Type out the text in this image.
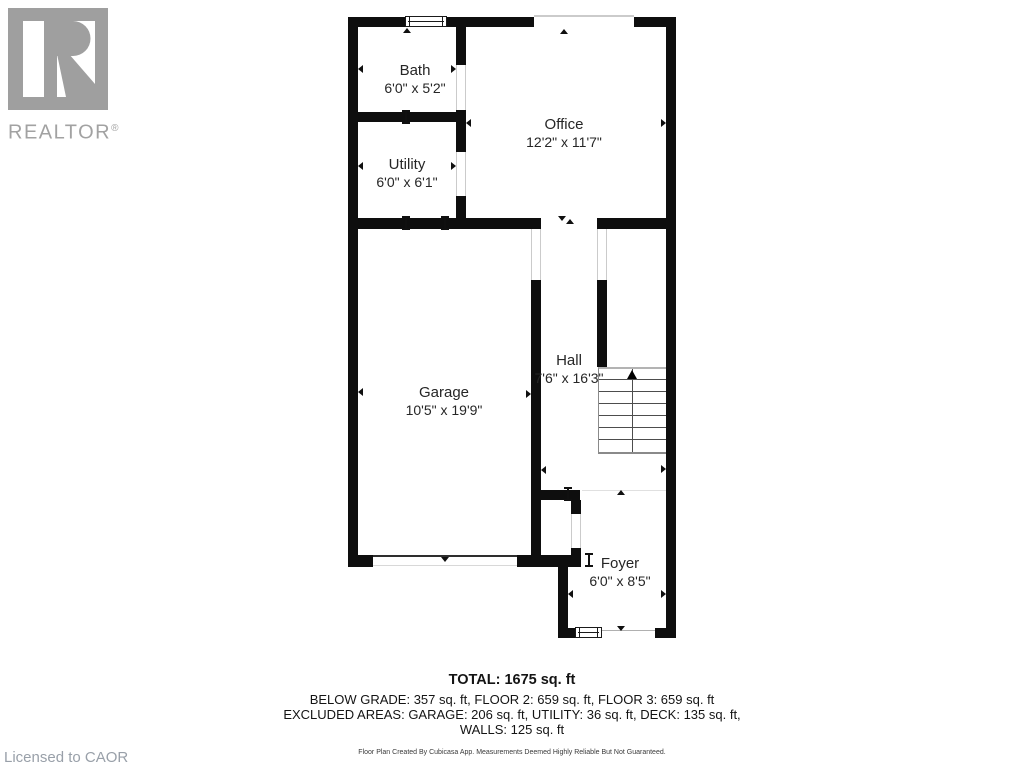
REALTOR®
Bath
6'0" x 5'2"
Office
12'2" x 11'7"
Utility
6'0" x 6'1"
Garage
10'5" x 19'9"
Hall
7'6" x 16'3"
Foyer
6'0" x 8'5"
TOTAL: 1675 sq. ft
BELOW GRADE: 357 sq. ft, FLOOR 2: 659 sq. ft, FLOOR 3: 659 sq. ft
EXCLUDED AREAS: GARAGE: 206 sq. ft, UTILITY: 36 sq. ft, DECK: 135 sq. ft,
WALLS: 125 sq. ft
Floor Plan Created By Cubicasa App. Measurements Deemed Highly Reliable But Not Guaranteed.
Licensed to CAOR
